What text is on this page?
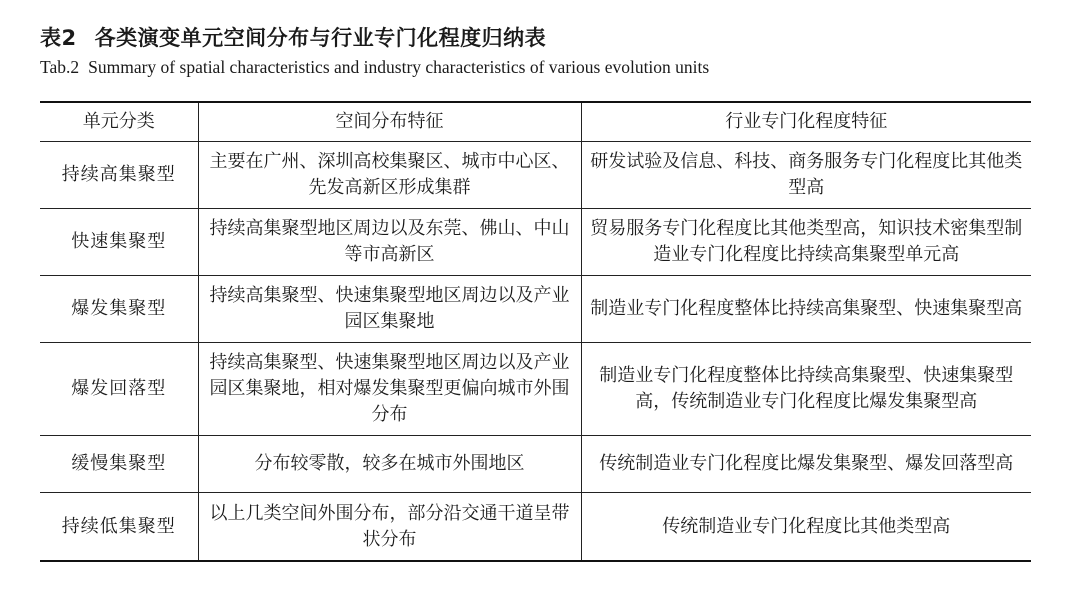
表2 各类演变单元空间分布与行业专门化程度归纳表
Tab.2 Summary of spatial characteristics and industry characteristics of various evolution units
单元分类	空间分布特征	行业专门化程度特征
持续高集聚型	主要在广州、深圳高校集聚区、城市中心区、先发高新区形成集群	研发试验及信息、科技、商务服务专门化程度比其他类型高
快速集聚型	持续高集聚型地区周边以及东莞、佛山、中山等市高新区	贸易服务专门化程度比其他类型高，知识技术密集型制造业专门化程度比持续高集聚型单元高
爆发集聚型	持续高集聚型、快速集聚型地区周边以及产业园区集聚地	制造业专门化程度整体比持续高集聚型、快速集聚型高
爆发回落型	持续高集聚型、快速集聚型地区周边以及产业园区集聚地，相对爆发集聚型更偏向城市外围分布	制造业专门化程度整体比持续高集聚型、快速集聚型高，传统制造业专门化程度比爆发集聚型高
缓慢集聚型	分布较零散，较多在城市外围地区	传统制造业专门化程度比爆发集聚型、爆发回落型高
持续低集聚型	以上几类空间外围分布，部分沿交通干道呈带状分布	传统制造业专门化程度比其他类型高
